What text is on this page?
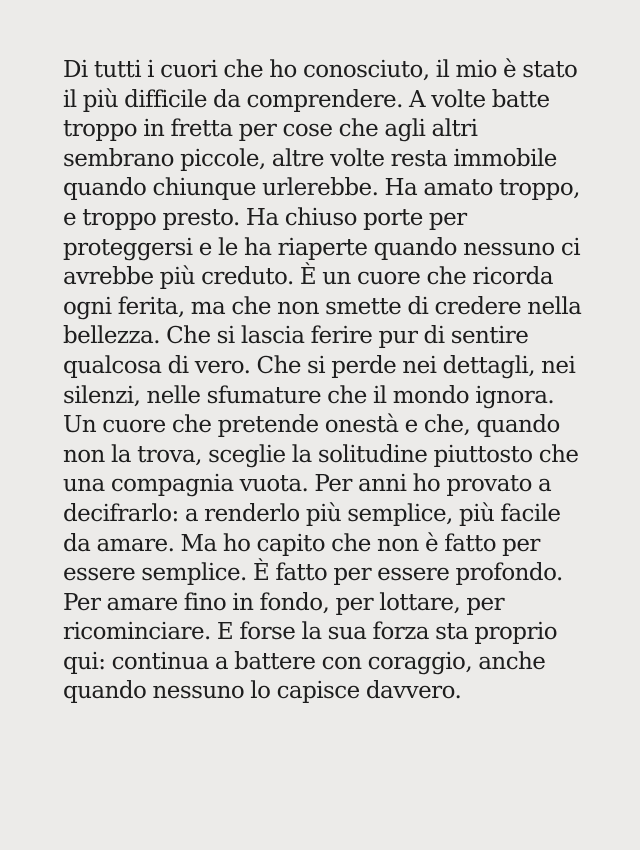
Di tutti i cuori che ho conosciuto, il mio è stato
il più difficile da comprendere. A volte batte
troppo in fretta per cose che agli altri
sembrano piccole, altre volte resta immobile
quando chiunque urlerebbe. Ha amato troppo,
e troppo presto. Ha chiuso porte per
proteggersi e le ha riaperte quando nessuno ci
avrebbe più creduto. È un cuore che ricorda
ogni ferita, ma che non smette di credere nella
bellezza. Che si lascia ferire pur di sentire
qualcosa di vero. Che si perde nei dettagli, nei
silenzi, nelle sfumature che il mondo ignora.
Un cuore che pretende onestà e che, quando
non la trova, sceglie la solitudine piuttosto che
una compagnia vuota. Per anni ho provato a
decifrarlo: a renderlo più semplice, più facile
da amare. Ma ho capito che non è fatto per
essere semplice. È fatto per essere profondo.
Per amare fino in fondo, per lottare, per
ricominciare. E forse la sua forza sta proprio
qui: continua a battere con coraggio, anche
quando nessuno lo capisce davvero.
